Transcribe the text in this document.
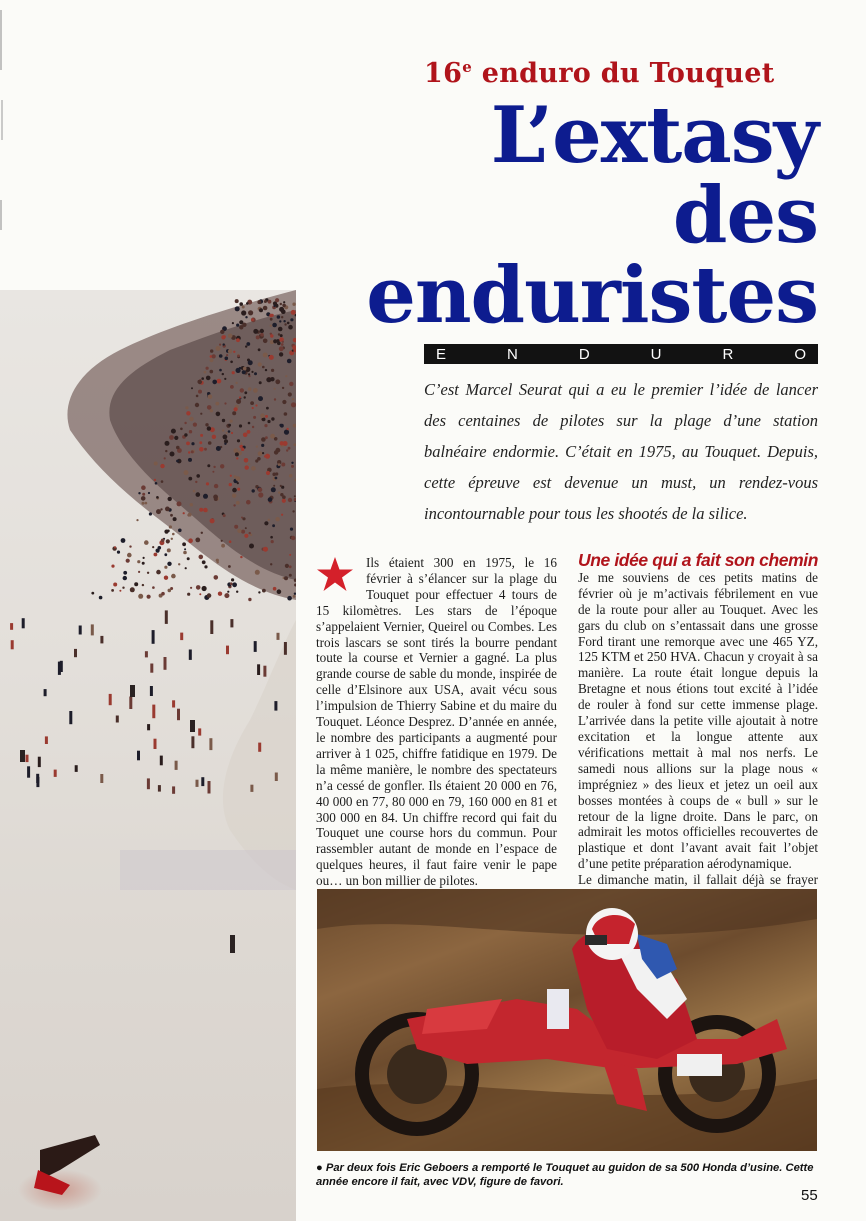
16e enduro du Touquet
L’extasy
des
enduristes
E	N	D	U	R	O
C’est Marcel Seurat qui a eu le premier l’idée de lancer des centaines de pilotes sur la plage d’une station balnéaire endormie. C’était en 1975, au Touquet. Depuis, cette épreuve est devenue un must, un rendez-vous incontournable pour tous les shootés de la silice.
Ils étaient 300 en 1975, le 16 février à s’élancer sur la plage du Touquet pour effectuer 4 tours de 15 kilomètres. Les stars de l’époque s’appelaient Vernier, Queirel ou Combes. Les trois lascars se sont tirés la bourre pendant toute la course et Vernier a gagné. La plus grande course de sable du monde, inspirée de celle d’Elsinore aux USA, avait vécu sous l’impulsion de Thierry Sabine et du maire du Touquet. Léonce Desprez. D’année en année, le nombre des participants a augmenté pour arriver à 1 025, chiffre fatidique en 1979. De la même manière, le nombre des spectateurs n’a cessé de gonfler. Ils étaient 20 000 en 76, 40 000 en 77, 80 000 en 79, 160 000 en 81 et 300 000 en 84. Un chiffre record qui fait du Touquet une course hors du commun. Pour rassembler autant de monde en l’espace de quelques heures, il faut faire venir le pape ou… un bon millier de pilotes.
Une idée qui a fait son chemin Je me souviens de ces petits matins de février où je m’activais fébrilement en vue de la route pour aller au Touquet. Avec les gars du club on s’entassait dans une grosse Ford tirant une remorque avec une 465 YZ, 125 KTM et 250 HVA. Chacun y croyait à sa manière. La route était longue depuis la Bretagne et nous étions tout excité à l’idée de rouler à fond sur cette immense plage. L’arrivée dans la petite ville ajoutait à notre excitation et la longue attente aux vérifications mettait à mal nos nerfs. Le samedi nous allions sur la plage nous « imprégniez » des lieux et jetez un oeil aux bosses montées à coups de « bull » sur le retour de la ligne droite. Dans le parc, on admirait les motos officielles recouvertes de plastique et dont l’avant avait fait l’objet d’une petite préparation aérodynamique.
Le dimanche matin, il fallait déjà se frayer
● Par deux fois Eric Geboers a remporté le Touquet au guidon de sa 500 Honda d’usine. Cette année encore il fait, avec VDV, figure de favori.
55
